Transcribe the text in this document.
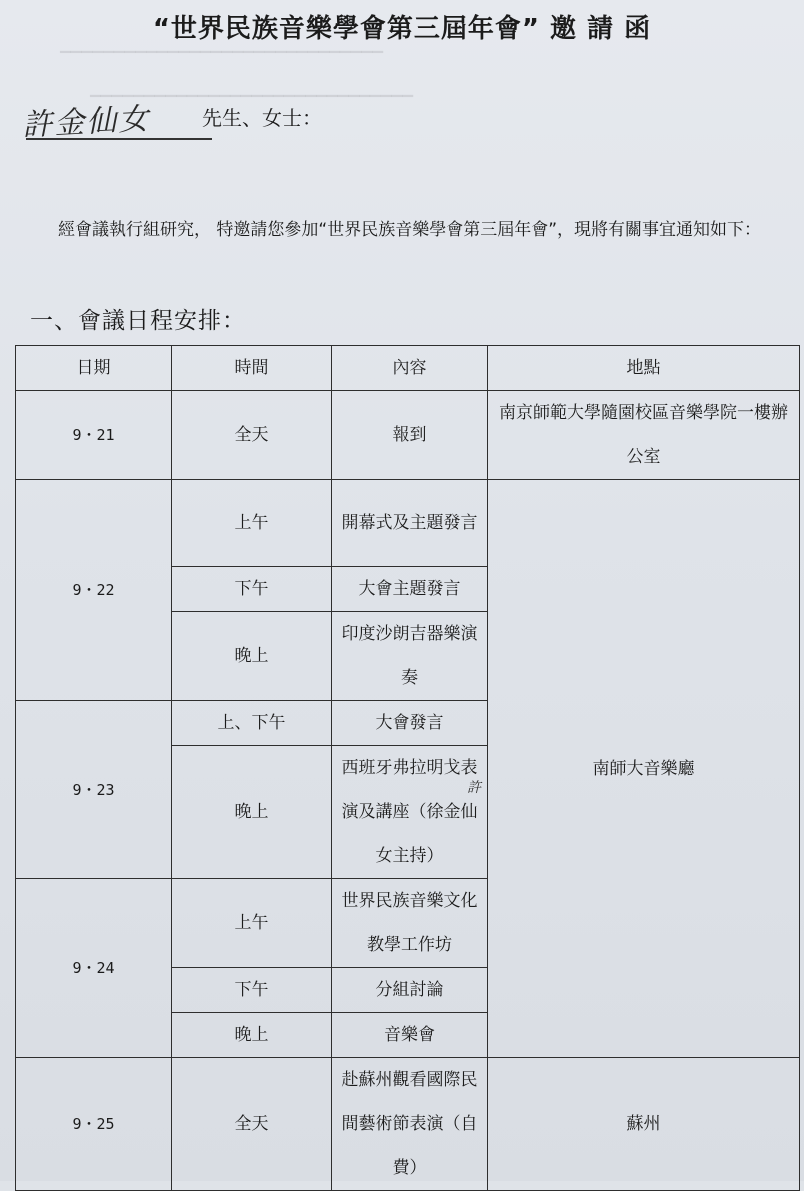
▔▔▔▔▔▔▔▔▔▔▔▔▔▔▔▔▔▔▔▔▔▔▔▔▔▔▔▔▔▔
▔▔▔▔▔▔▔▔▔▔▔▔▔▔▔▔▔▔▔▔▔▔▔▔▔▔▔▔▔▔
“世界民族音樂學會第三屆年會” 邀 請 函
許金仙女	先生、女士：
經會議執行組研究， 特邀請您參加“世界民族音樂學會第三屆年會”，現將有關事宜通知如下：
一、會議日程安排：
日期	時間	內容	地點
9・21	全天	報到	南京師範大學隨園校區音樂學院一樓辦公室
9・22	上午	開幕式及主題發言	南師大音樂廳
	下午	大會主題發言	
	晚上	印度沙朗吉器樂演奏	
9・23	上、下午	大會發言	
	晚上	西班牙弗拉明戈表演及講座（徐金仙女主持）
許	

9・24	上午	世界民族音樂文化教學工作坊	
	下午	分組討論	
	晚上	音樂會	
9・25	全天	赴蘇州觀看國際民間藝術節表演（自費）	蘇州
